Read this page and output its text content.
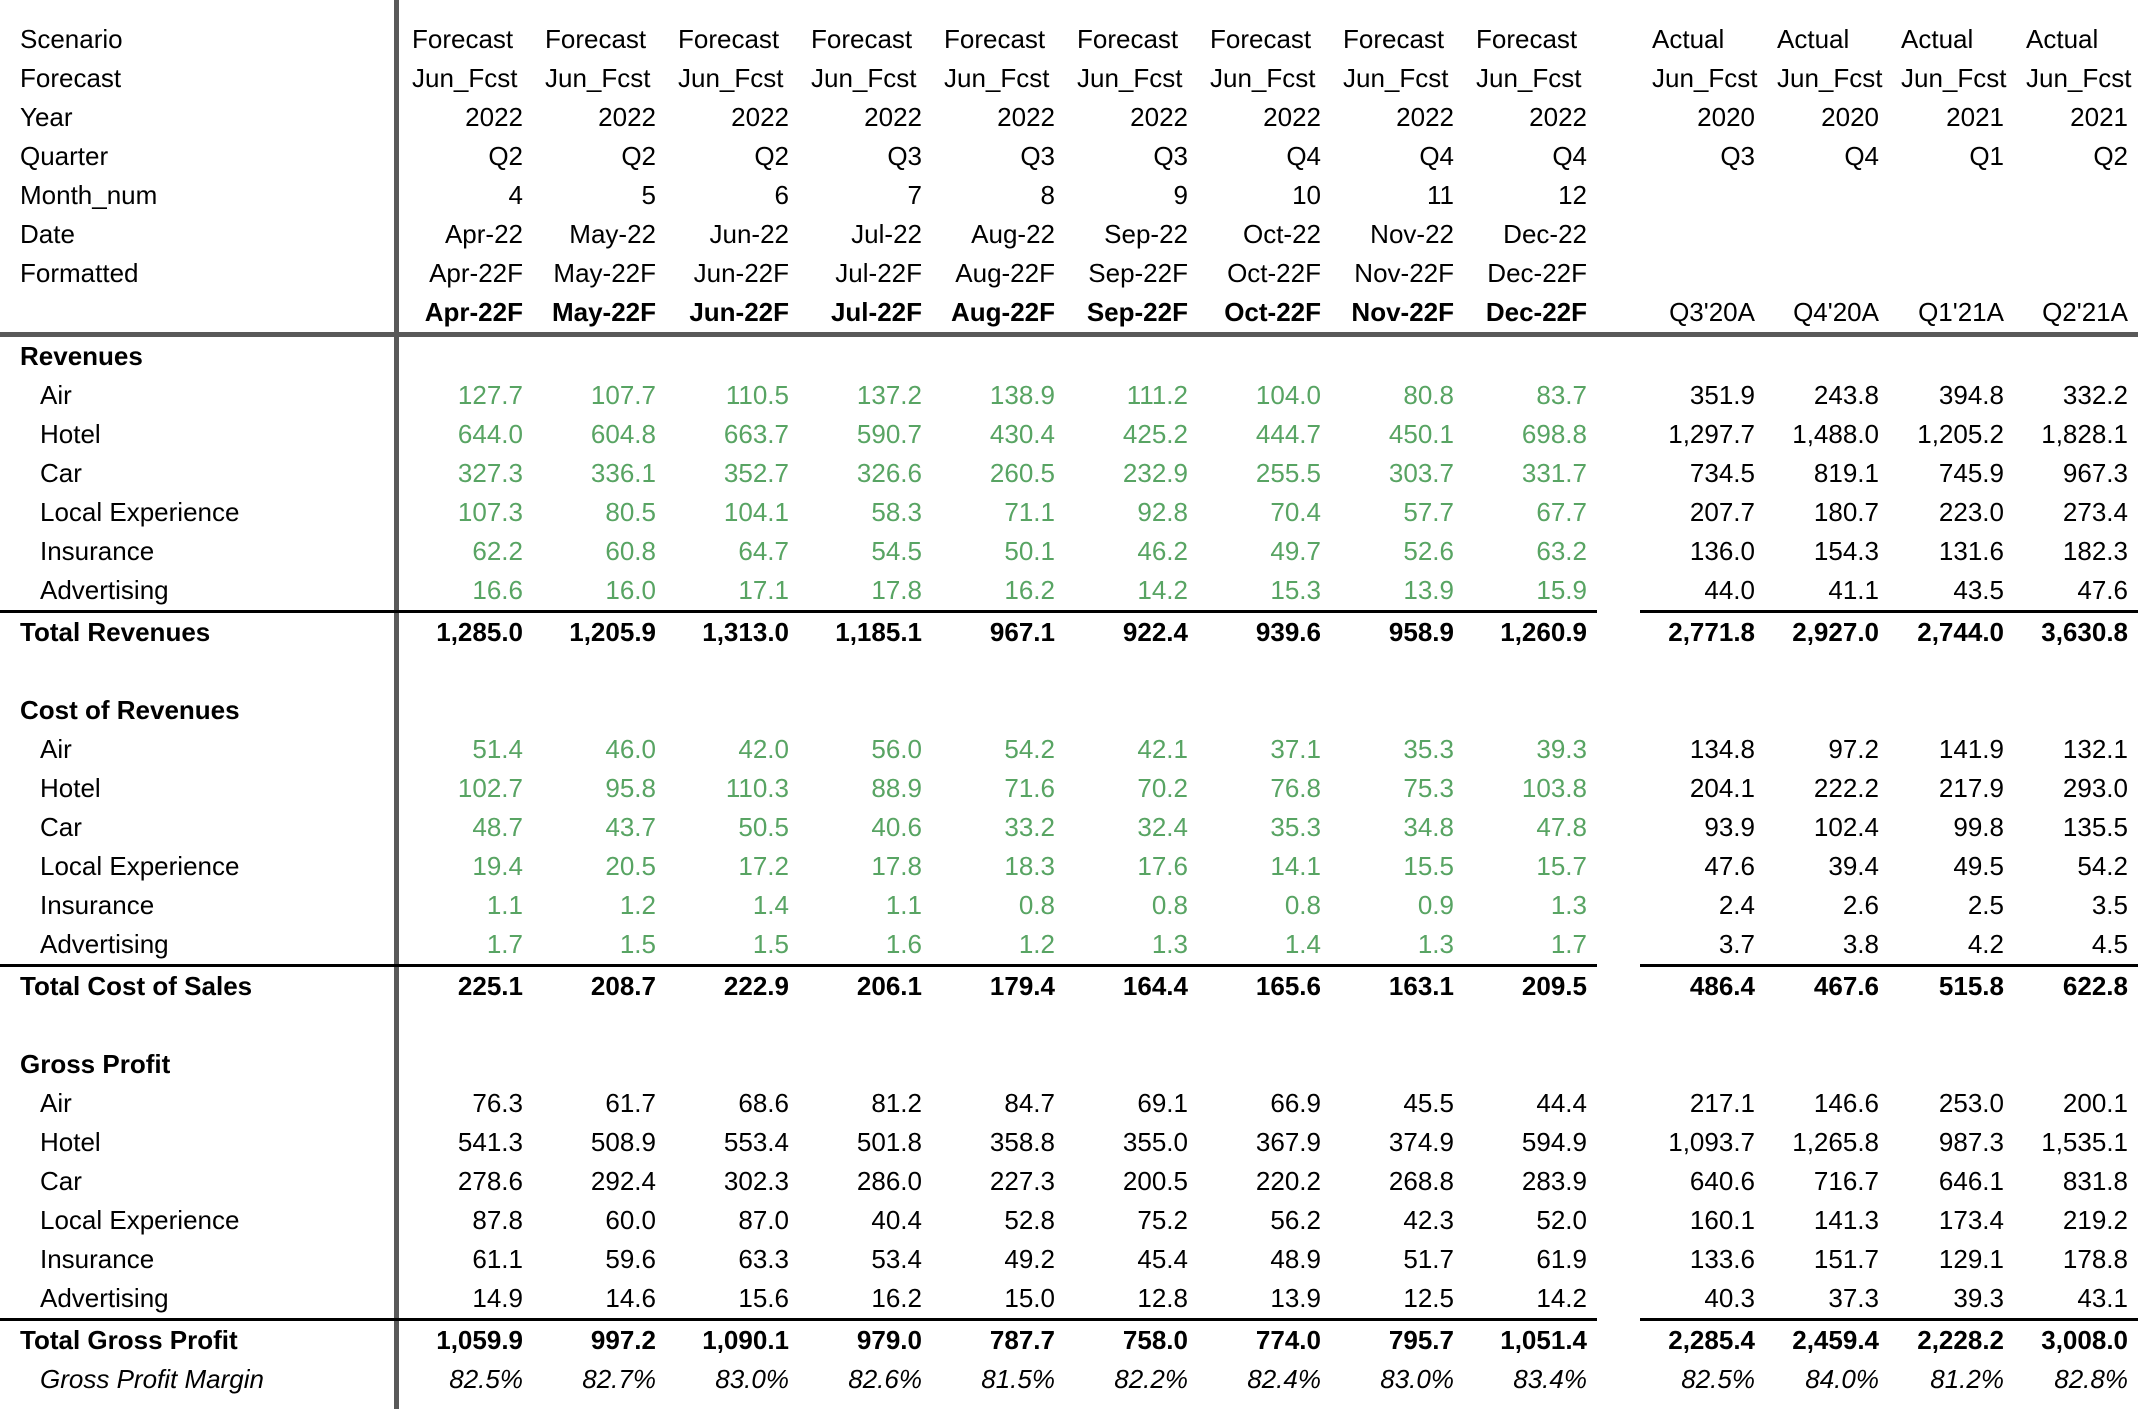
Scenario	Forecast	Forecast	Forecast	Forecast	Forecast	Forecast	Forecast	Forecast	Forecast		Actual	Actual	Actual	Actual
Forecast	Jun_Fcst	Jun_Fcst	Jun_Fcst	Jun_Fcst	Jun_Fcst	Jun_Fcst	Jun_Fcst	Jun_Fcst	Jun_Fcst		Jun_Fcst	Jun_Fcst	Jun_Fcst	Jun_Fcst
Year	2022	2022	2022	2022	2022	2022	2022	2022	2022		2020	2020	2021	2021
Quarter	Q2	Q2	Q2	Q3	Q3	Q3	Q4	Q4	Q4		Q3	Q4	Q1	Q2
Month_num	4	5	6	7	8	9	10	11	12					
Date	Apr-22	May-22	Jun-22	Jul-22	Aug-22	Sep-22	Oct-22	Nov-22	Dec-22					
Formatted	Apr-22F	May-22F	Jun-22F	Jul-22F	Aug-22F	Sep-22F	Oct-22F	Nov-22F	Dec-22F					
	Apr-22F	May-22F	Jun-22F	Jul-22F	Aug-22F	Sep-22F	Oct-22F	Nov-22F	Dec-22F		Q3'20A	Q4'20A	Q1'21A	Q2'21A
Revenues														
Air	127.7	107.7	110.5	137.2	138.9	111.2	104.0	80.8	83.7		351.9	243.8	394.8	332.2
Hotel	644.0	604.8	663.7	590.7	430.4	425.2	444.7	450.1	698.8		1,297.7	1,488.0	1,205.2	1,828.1
Car	327.3	336.1	352.7	326.6	260.5	232.9	255.5	303.7	331.7		734.5	819.1	745.9	967.3
Local Experience	107.3	80.5	104.1	58.3	71.1	92.8	70.4	57.7	67.7		207.7	180.7	223.0	273.4
Insurance	62.2	60.8	64.7	54.5	50.1	46.2	49.7	52.6	63.2		136.0	154.3	131.6	182.3
Advertising	16.6	16.0	17.1	17.8	16.2	14.2	15.3	13.9	15.9		44.0	41.1	43.5	47.6
Total Revenues	1,285.0	1,205.9	1,313.0	1,185.1	967.1	922.4	939.6	958.9	1,260.9		2,771.8	2,927.0	2,744.0	3,630.8

Cost of Revenues														
Air	51.4	46.0	42.0	56.0	54.2	42.1	37.1	35.3	39.3		134.8	97.2	141.9	132.1
Hotel	102.7	95.8	110.3	88.9	71.6	70.2	76.8	75.3	103.8		204.1	222.2	217.9	293.0
Car	48.7	43.7	50.5	40.6	33.2	32.4	35.3	34.8	47.8		93.9	102.4	99.8	135.5
Local Experience	19.4	20.5	17.2	17.8	18.3	17.6	14.1	15.5	15.7		47.6	39.4	49.5	54.2
Insurance	1.1	1.2	1.4	1.1	0.8	0.8	0.8	0.9	1.3		2.4	2.6	2.5	3.5
Advertising	1.7	1.5	1.5	1.6	1.2	1.3	1.4	1.3	1.7		3.7	3.8	4.2	4.5
Total Cost of Sales	225.1	208.7	222.9	206.1	179.4	164.4	165.6	163.1	209.5		486.4	467.6	515.8	622.8

Gross Profit														
Air	76.3	61.7	68.6	81.2	84.7	69.1	66.9	45.5	44.4		217.1	146.6	253.0	200.1
Hotel	541.3	508.9	553.4	501.8	358.8	355.0	367.9	374.9	594.9		1,093.7	1,265.8	987.3	1,535.1
Car	278.6	292.4	302.3	286.0	227.3	200.5	220.2	268.8	283.9		640.6	716.7	646.1	831.8
Local Experience	87.8	60.0	87.0	40.4	52.8	75.2	56.2	42.3	52.0		160.1	141.3	173.4	219.2
Insurance	61.1	59.6	63.3	53.4	49.2	45.4	48.9	51.7	61.9		133.6	151.7	129.1	178.8
Advertising	14.9	14.6	15.6	16.2	15.0	12.8	13.9	12.5	14.2		40.3	37.3	39.3	43.1
Total Gross Profit	1,059.9	997.2	1,090.1	979.0	787.7	758.0	774.0	795.7	1,051.4		2,285.4	2,459.4	2,228.2	3,008.0
Gross Profit Margin	82.5%	82.7%	83.0%	82.6%	81.5%	82.2%	82.4%	83.0%	83.4%		82.5%	84.0%	81.2%	82.8%
